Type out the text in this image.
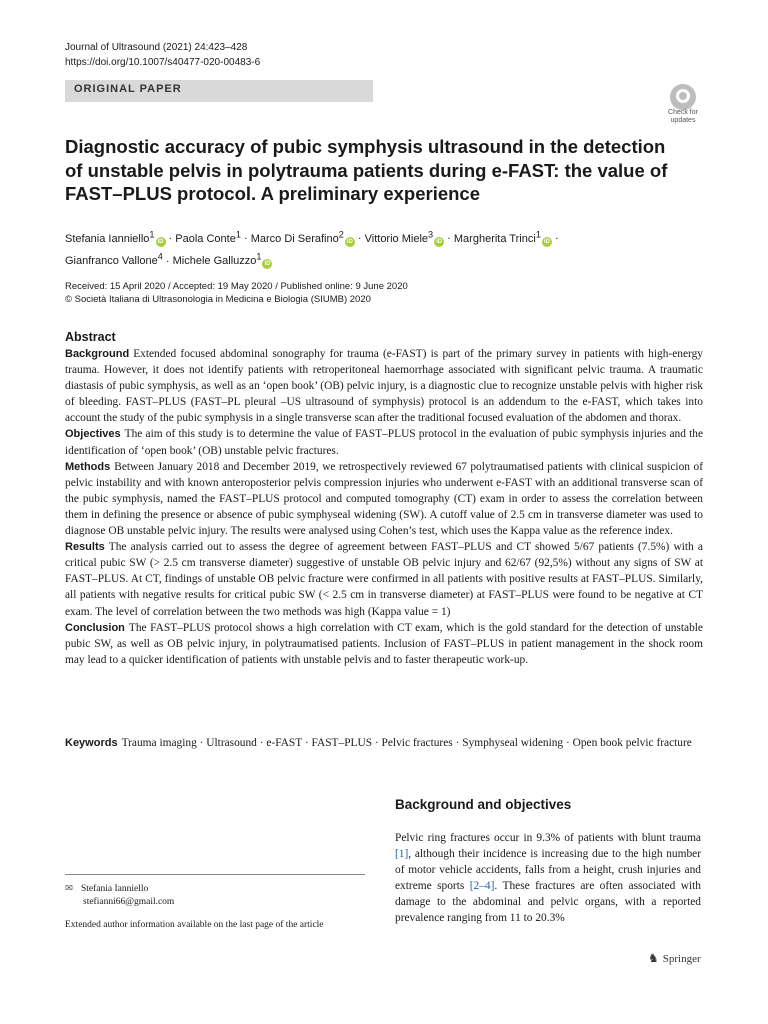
Journal of Ultrasound (2021) 24:423–428
https://doi.org/10.1007/s40477-020-00483-6
ORIGINAL PAPER
Check for
updates
Diagnostic accuracy of pubic symphysis ultrasound in the detection of unstable pelvis in polytrauma patients during e-FAST: the value of FAST–PLUS protocol. A preliminary experience
Stefania Ianniello$^1$iD · Paola Conte$^1$ · Marco Di Serafino$^2$iD · Vittorio Miele$^3$iD · Margherita Trinci$^1$iD ·
Gianfranco Vallone$^4$ · Michele Galluzzo$^1$iD
Received: 15 April 2020 / Accepted: 19 May 2020 / Published online: 9 June 2020
© Società Italiana di Ultrasonologia in Medicina e Biologia (SIUMB) 2020
Abstract

Background Extended focused abdominal sonography for trauma (e-FAST) is part of the primary survey in patients with high-energy trauma. However, it does not identify patients with retroperitoneal haemorrhage associated with significant pelvic trauma. A traumatic diastasis of pubic symphysis, as well as an ‘open book’ (OB) pelvic injury, is a diagnostic clue to recognize unstable pelvis with higher risk of bleeding. FAST–PLUS (FAST–PL pleural –US ultrasound of symphysis) protocol is an addendum to the e-FAST, which takes into account the study of the pubic symphysis in a single transverse scan after the traditional focused evaluation of the abdomen and thorax.

Objectives The aim of this study is to determine the value of FAST–PLUS protocol in the evaluation of pubic symphysis injuries and the identification of ‘open book’ (OB) unstable pelvic fractures.

Methods Between January 2018 and December 2019, we retrospectively reviewed 67 polytraumatised patients with clinical suspicion of pelvic instability and with known anteroposterior pelvis compression injuries who underwent e-FAST with an additional transverse scan of the pubic symphysis, named the FAST–PLUS protocol and computed tomography (CT) exam in order to assess the correlation between them in defining the presence or absence of pubic symphyseal widening (SW). A cutoff value of 2.5 cm in transverse diameter was used to diagnose OB unstable pelvic injury. The results were analysed using Cohen’s test, which uses the Kappa value as the reference index.

Results The analysis carried out to assess the degree of agreement between FAST–PLUS and CT showed 5/67 patients (7.5%) with a critical pubic SW (> 2.5 cm transverse diameter) suggestive of unstable OB pelvic injury and 62/67 (92,5%) without any signs of SW at FAST–PLUS. At CT, findings of unstable OB pelvic fracture were confirmed in all patients with positive results at FAST–PLUS. Similarly, all patients with negative results for critical pubic SW (< 2.5 cm in transverse diameter) at FAST–PLUS were found to be negative at CT exam. The level of correlation between the two methods was high (Kappa value = 1)

Conclusion The FAST–PLUS protocol shows a high correlation with CT exam, which is the gold standard for the detection of unstable pubic SW, as well as OB pelvic injury, in polytraumatised patients. Inclusion of FAST–PLUS in patient management in the shock room may lead to a quicker identification of patients with unstable pelvis and to faster therapeutic work-up.

Keywords Trauma imaging · Ultrasound · e-FAST · FAST–PLUS · Pelvic fractures · Symphyseal widening · Open book pelvic fracture
Background and objectives
Pelvic ring fractures occur in 9.3% of patients with blunt trauma [1], although their incidence is increasing due to the high number of motor vehicle accidents, falls from a height, crush injuries and extreme sports [2–4]. These fractures are often associated with damage to the abdominal and pelvic organs, with a reported prevalence ranging from 11 to 20.3%
✉ Stefania Ianniello
stefianni66@gmail.com
Extended author information available on the last page of the article
♞ Springer
